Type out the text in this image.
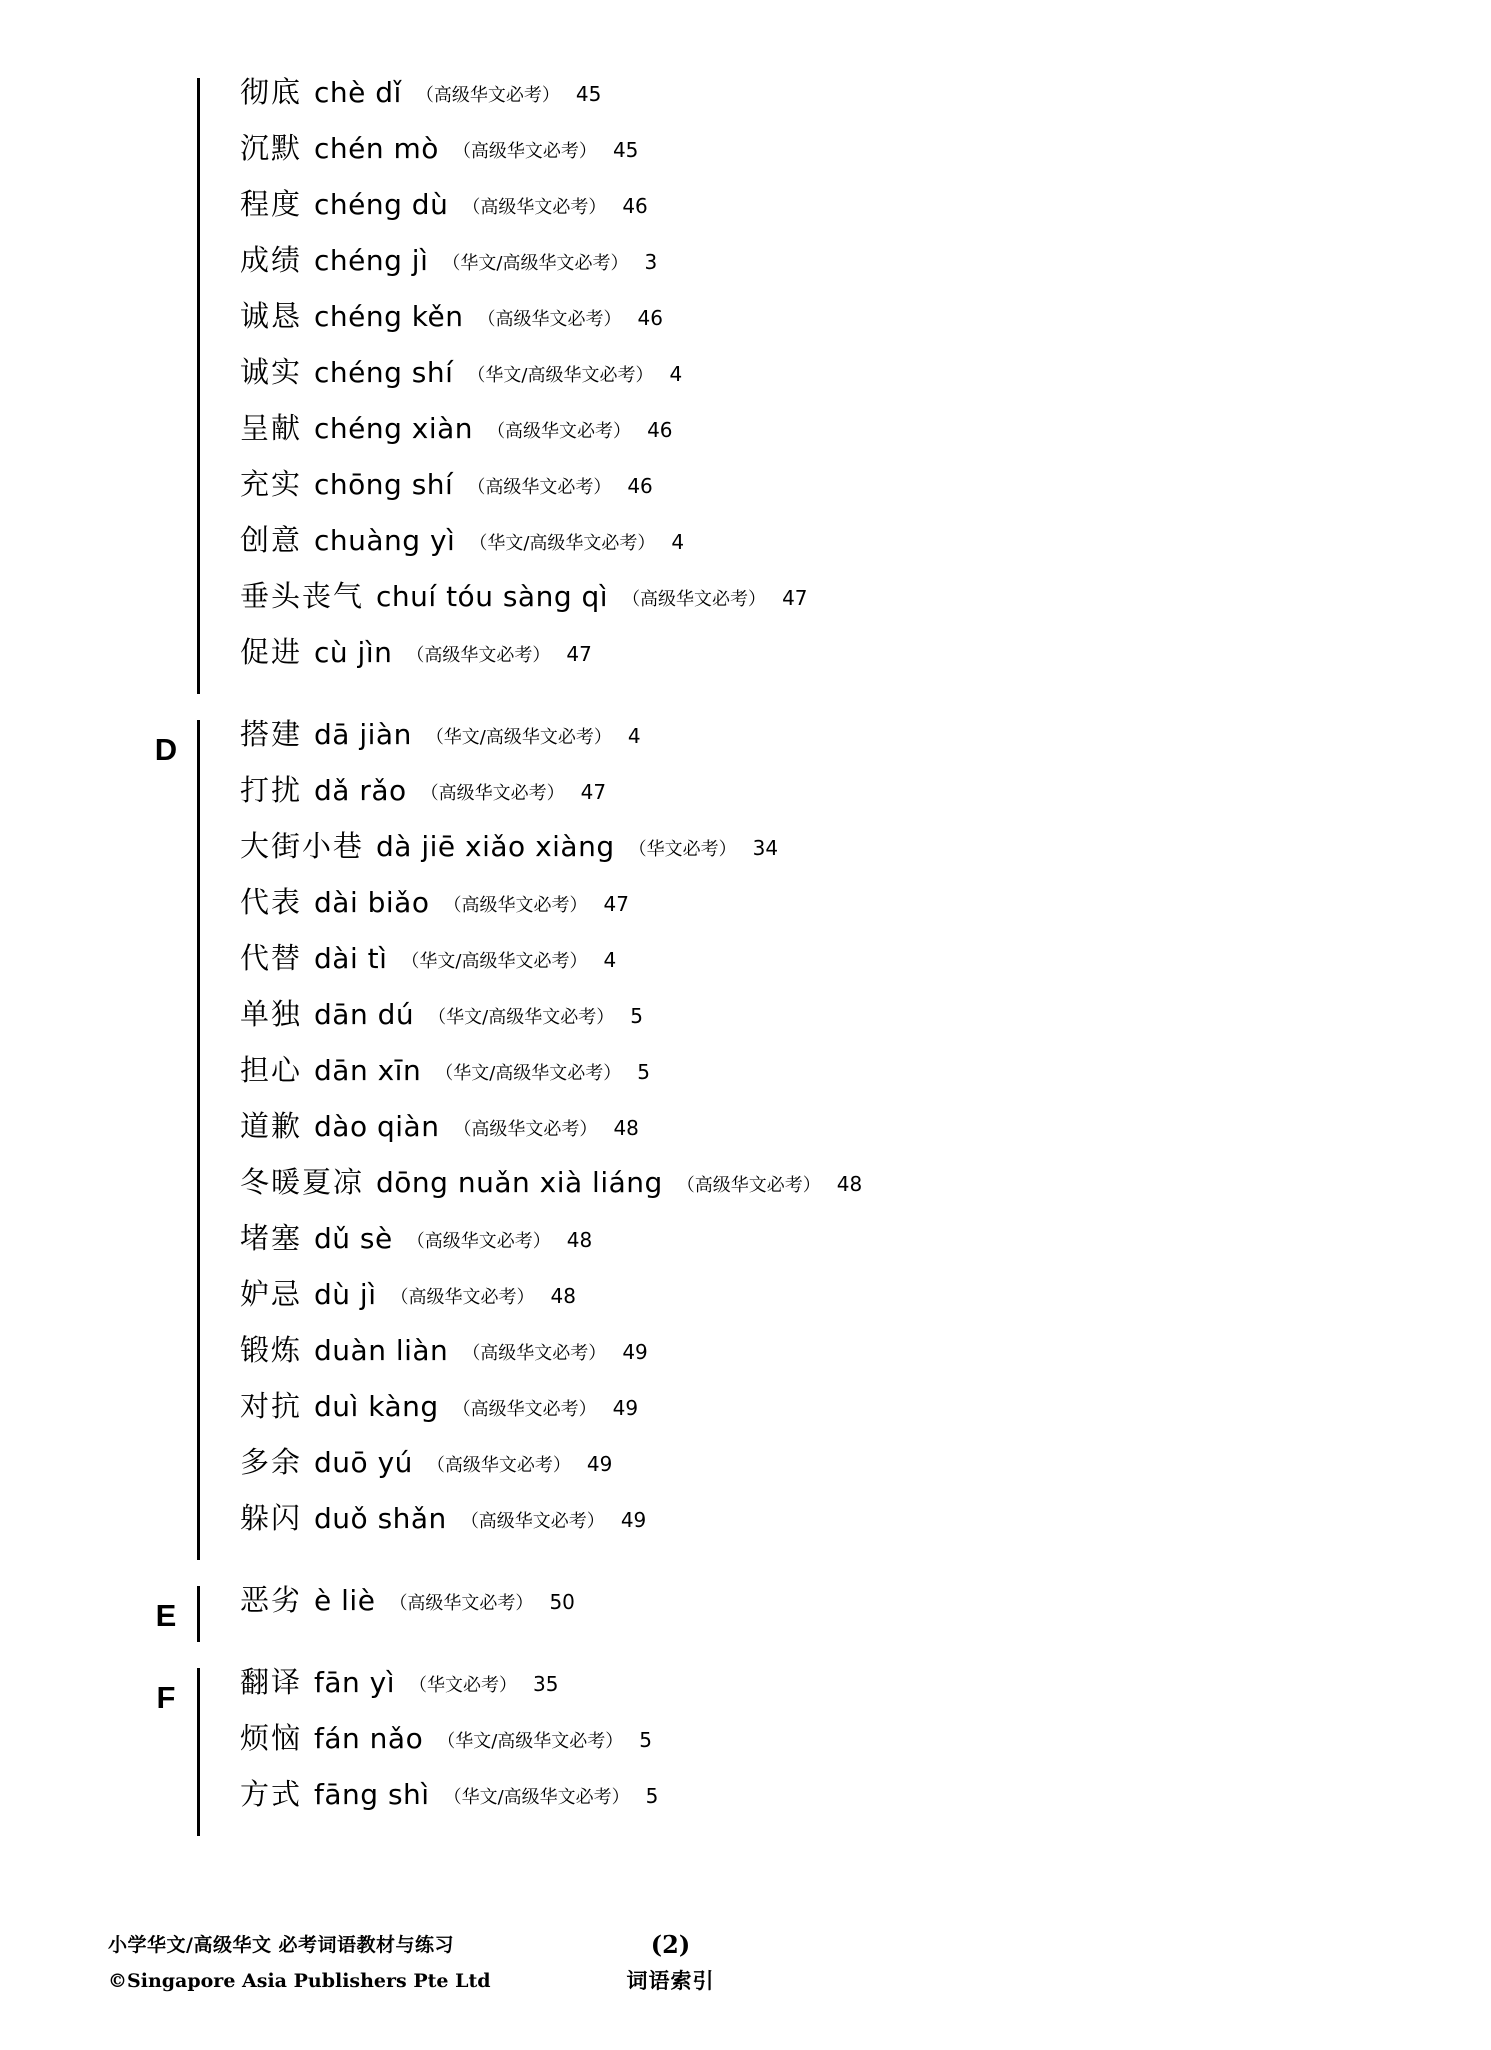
彻底 chè dǐ （高级华文必考） 45
沉默 chén mò （高级华文必考） 45
程度 chéng dù （高级华文必考） 46
成绩 chéng jì （华文/高级华文必考） 3
诚恳 chéng kěn （高级华文必考） 46
诚实 chéng shí （华文/高级华文必考） 4
呈献 chéng xiàn （高级华文必考） 46
充实 chōng shí （高级华文必考） 46
创意 chuàng yì （华文/高级华文必考） 4
垂头丧气 chuí tóu sàng qì （高级华文必考） 47
促进 cù jìn （高级华文必考） 47
D	搭建 dā jiàn （华文/高级华文必考） 4
打扰 dǎ rǎo （高级华文必考） 47
大街小巷 dà jiē xiǎo xiàng （华文必考） 34
代表 dài biǎo （高级华文必考） 47
代替 dài tì （华文/高级华文必考） 4
单独 dān dú （华文/高级华文必考） 5
担心 dān xīn （华文/高级华文必考） 5
道歉 dào qiàn （高级华文必考） 48
冬暖夏凉 dōng nuǎn xià liáng （高级华文必考） 48
堵塞 dǔ sè （高级华文必考） 48
妒忌 dù jì （高级华文必考） 48
锻炼 duàn liàn （高级华文必考） 49
对抗 duì kàng （高级华文必考） 49
多余 duō yú （高级华文必考） 49
躲闪 duǒ shǎn （高级华文必考） 49
E	恶劣 è liè （高级华文必考） 50
F	翻译 fān yì （华文必考） 35
烦恼 fán nǎo （华文/高级华文必考） 5
方式 fāng shì （华文/高级华文必考） 5
小学华文/高级华文 必考词语教材与练习
©Singapore Asia Publishers Pte Ltd
(2)
词语索引
